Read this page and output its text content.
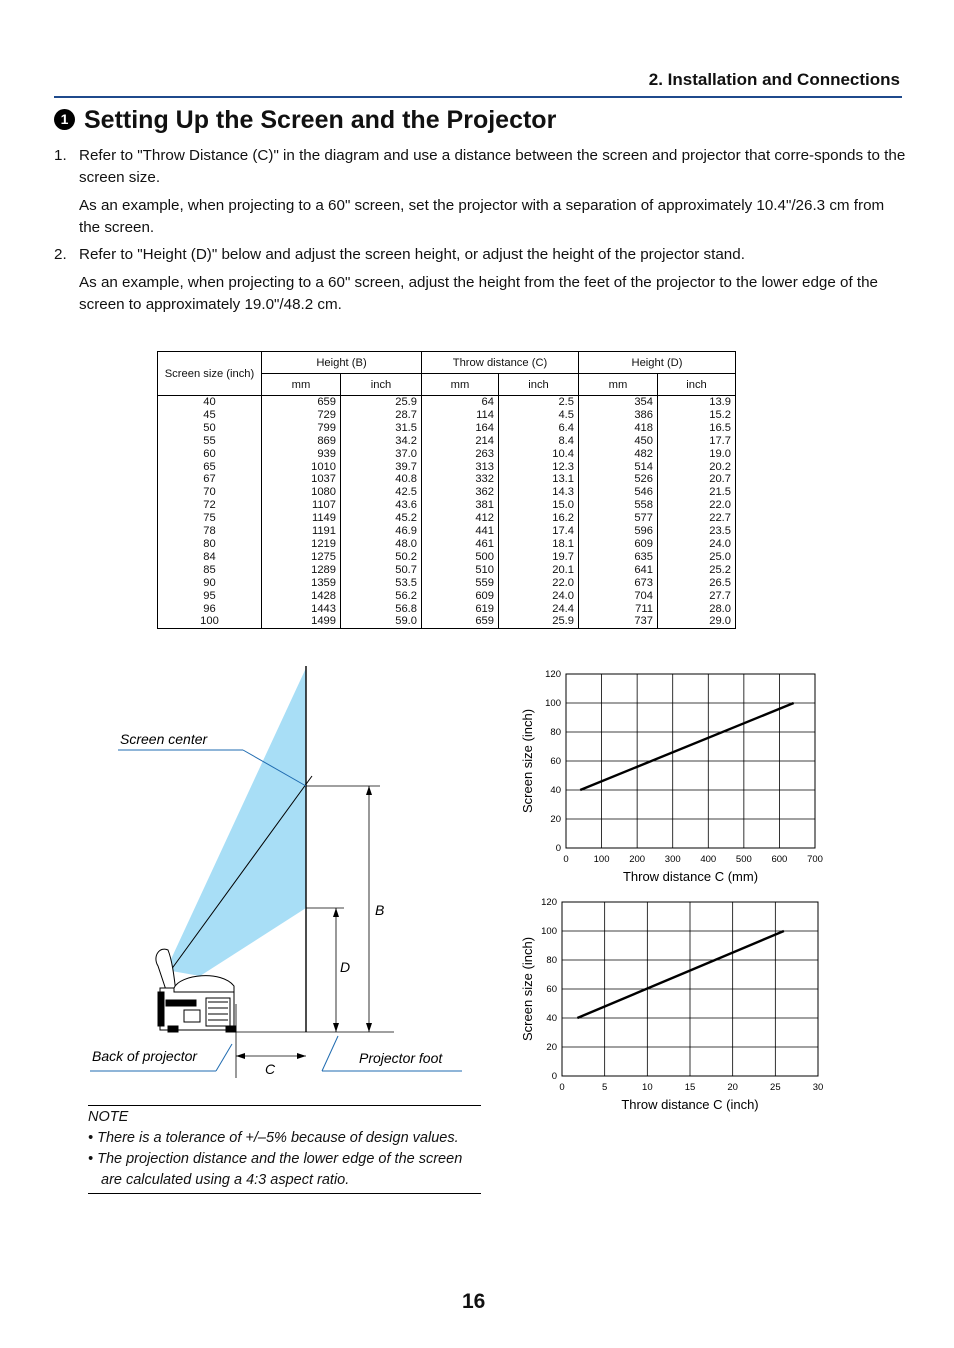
2. Installation and Connections
1 Setting Up the Screen and the Projector
1. Refer to "Throw Distance (C)" in the diagram and use a distance between the screen and projector that corre-sponds to the screen size.
As an example, when projecting to a 60" screen, set the projector with a separation of approximately 10.4"/26.3 cm from the screen.
2. Refer to "Height (D)" below and adjust the screen height, or adjust the height of the projector stand.
As an example, when projecting to a 60" screen, adjust the height from the feet of the projector to the lower edge of the screen to approximately 19.0"/48.2 cm.
Screen size (inch)	Height (B)		Throw distance (C)		Height (D)	
	mm	inch	mm	inch	mm	inch
40	659	25.9	64	2.5	354	13.9
45	729	28.7	114	4.5	386	15.2
50	799	31.5	164	6.4	418	16.5
55	869	34.2	214	8.4	450	17.7
60	939	37.0	263	10.4	482	19.0
65	1010	39.7	313	12.3	514	20.2
67	1037	40.8	332	13.1	526	20.7
70	1080	42.5	362	14.3	546	21.5
72	1107	43.6	381	15.0	558	22.0
75	1149	45.2	412	16.2	577	22.7
78	1191	46.9	441	17.4	596	23.5
80	1219	48.0	461	18.1	609	24.0
84	1275	50.2	500	19.7	635	25.0
85	1289	50.7	510	20.1	641	25.2
90	1359	53.5	559	22.0	673	26.5
95	1428	56.2	609	24.0	704	27.7
96	1443	56.8	619	24.4	711	28.0
100	1499	59.0	659	25.9	737	29.0
Screen center
B
D
C
Back of projector	Projector foot
0	100 200 300 400 500 600 700
0
20
40
60
80
100
120
Throw distance C (mm)
Screen size (inch)
0	5	10	15	20	25	30
0
20
40
60
80
100
120
Throw distance C (inch)
Screen size (inch)
NOTE
• There is a tolerance of +/–5% because of design values.
• The projection distance and the lower edge of the screen are calculated using a 4:3 aspect ratio.
16
